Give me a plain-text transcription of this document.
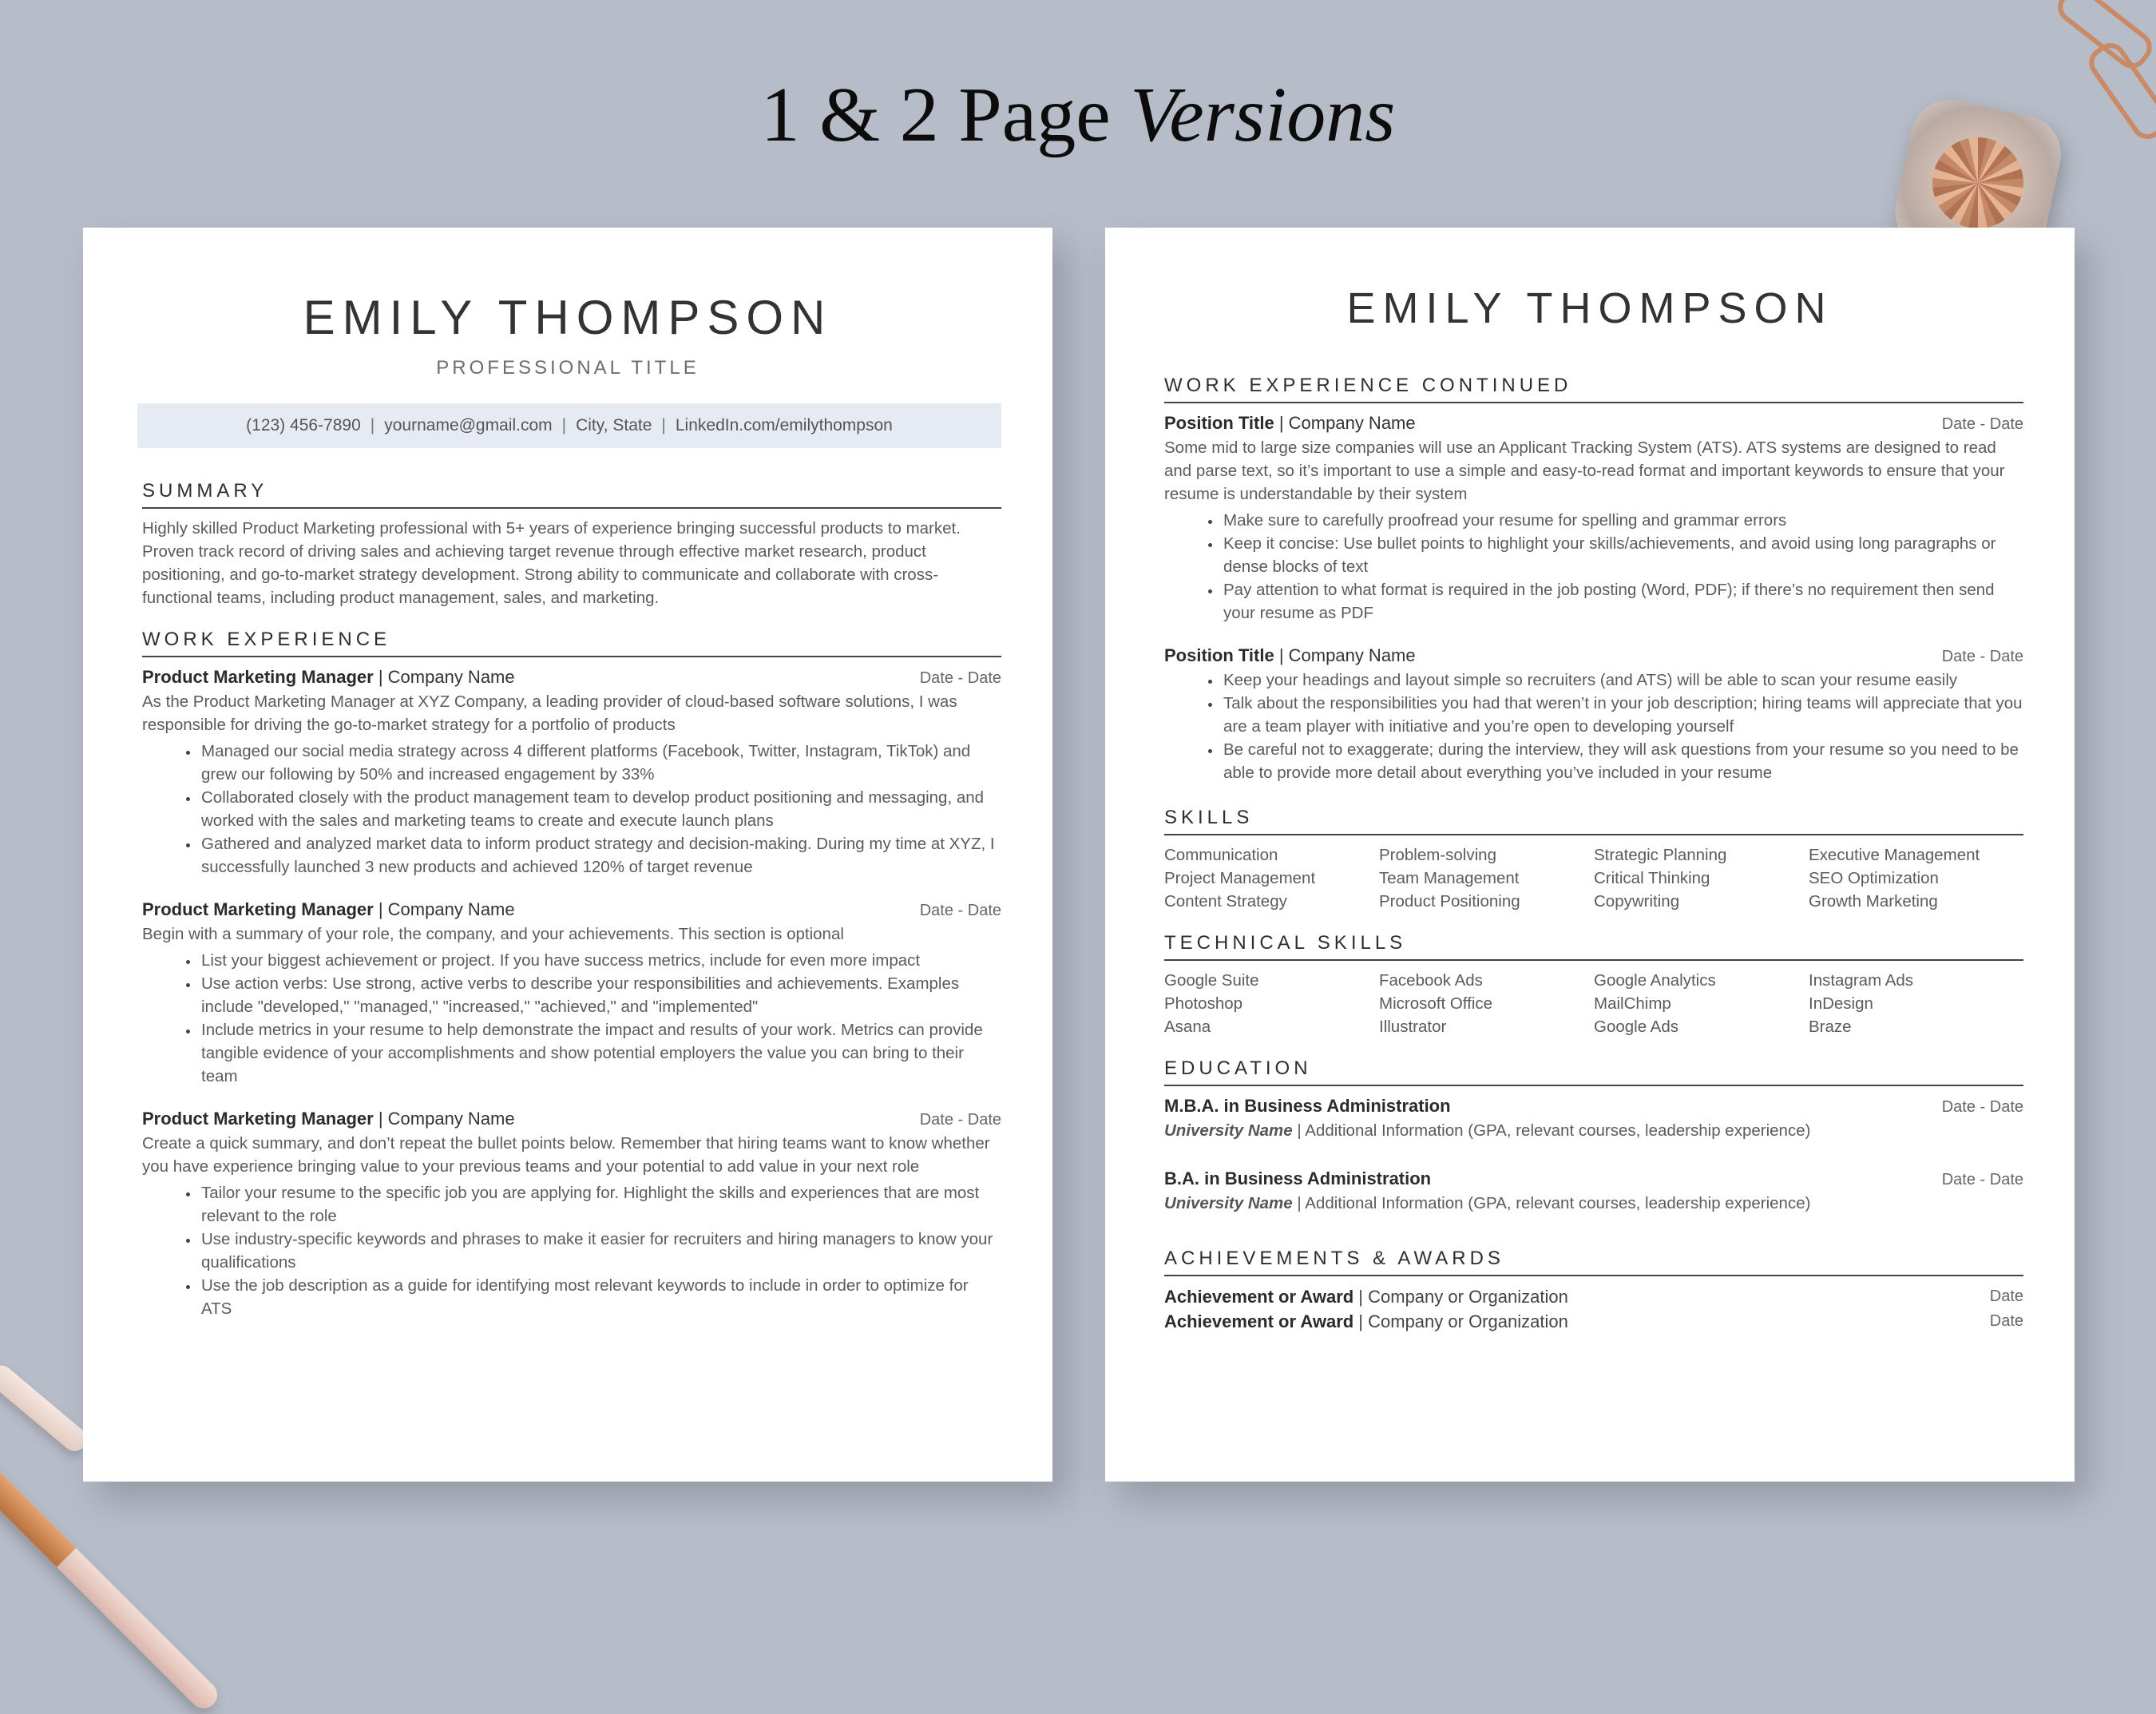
1 & 2 Page Versions
EMILY THOMPSON
PROFESSIONAL TITLE
(123) 456-7890 | yourname@gmail.com | City, State | LinkedIn.com/emilythompson
SUMMARY

Highly skilled Product Marketing professional with 5+ years of experience bringing successful products to market. Proven track record of driving sales and achieving target revenue through effective market research, product positioning, and go-to-market strategy development. Strong ability to communicate and collaborate with cross-functional teams, including product management, sales, and marketing.

WORK EXPERIENCE
Product Marketing Manager | Company Name	Date - Date

As the Product Marketing Manager at XYZ Company, a leading provider of cloud-based software solutions, I was responsible for driving the go-to-market strategy for a portfolio of products

• Managed our social media strategy across 4 different platforms (Facebook, Twitter, Instagram, TikTok) and grew our following by 50% and increased engagement by 33%
• Collaborated closely with the product management team to develop product positioning and messaging, and worked with the sales and marketing teams to create and execute launch plans
• Gathered and analyzed market data to inform product strategy and decision-making. During my time at XYZ, I successfully launched 3 new products and achieved 120% of target revenue
Product Marketing Manager | Company Name	Date - Date

Begin with a summary of your role, the company, and your achievements. This section is optional

• List your biggest achievement or project. If you have success metrics, include for even more impact
• Use action verbs: Use strong, active verbs to describe your responsibilities and achievements. Examples include "developed," "managed," "increased," "achieved," and "implemented"
• Include metrics in your resume to help demonstrate the impact and results of your work. Metrics can provide tangible evidence of your accomplishments and show potential employers the value you can bring to their team
Product Marketing Manager | Company Name	Date - Date

Create a quick summary, and don’t repeat the bullet points below. Remember that hiring teams want to know whether you have experience bringing value to your previous teams and your potential to add value in your next role

• Tailor your resume to the specific job you are applying for. Highlight the skills and experiences that are most relevant to the role
• Use industry-specific keywords and phrases to make it easier for recruiters and hiring managers to know your qualifications
• Use the job description as a guide for identifying most relevant keywords to include in order to optimize for ATS
EMILY THOMPSON
WORK EXPERIENCE CONTINUED
Position Title | Company Name	Date - Date

Some mid to large size companies will use an Applicant Tracking System (ATS). ATS systems are designed to read and parse text, so it’s important to use a simple and easy-to-read format and important keywords to ensure that your resume is understandable by their system

• Make sure to carefully proofread your resume for spelling and grammar errors
• Keep it concise: Use bullet points to highlight your skills/achievements, and avoid using long paragraphs or dense blocks of text
• Pay attention to what format is required in the job posting (Word, PDF); if there’s no requirement then send your resume as PDF
Position Title | Company Name	Date - Date
• Keep your headings and layout simple so recruiters (and ATS) will be able to scan your resume easily
• Talk about the responsibilities you had that weren’t in your job description; hiring teams will appreciate that you are a team player with initiative and you’re open to developing yourself
• Be careful not to exaggerate; during the interview, they will ask questions from your resume so you need to be able to provide more detail about everything you’ve included in your resume
SKILLS
Communication	Problem-solving	Strategic Planning	Executive Management
Project Management	Team Management	Critical Thinking	SEO Optimization
Content Strategy	Product Positioning	Copywriting	Growth Marketing
TECHNICAL SKILLS
Google Suite	Facebook Ads	Google Analytics	Instagram Ads
Photoshop	Microsoft Office	MailChimp	InDesign
Asana	Illustrator	Google Ads	Braze
EDUCATION
M.B.A. in Business Administration	Date - Date
University Name | Additional Information (GPA, relevant courses, leadership experience)
B.A. in Business Administration	Date - Date
University Name | Additional Information (GPA, relevant courses, leadership experience)
ACHIEVEMENTS & AWARDS
Achievement or Award | Company or Organization	Date
Achievement or Award | Company or Organization	Date
